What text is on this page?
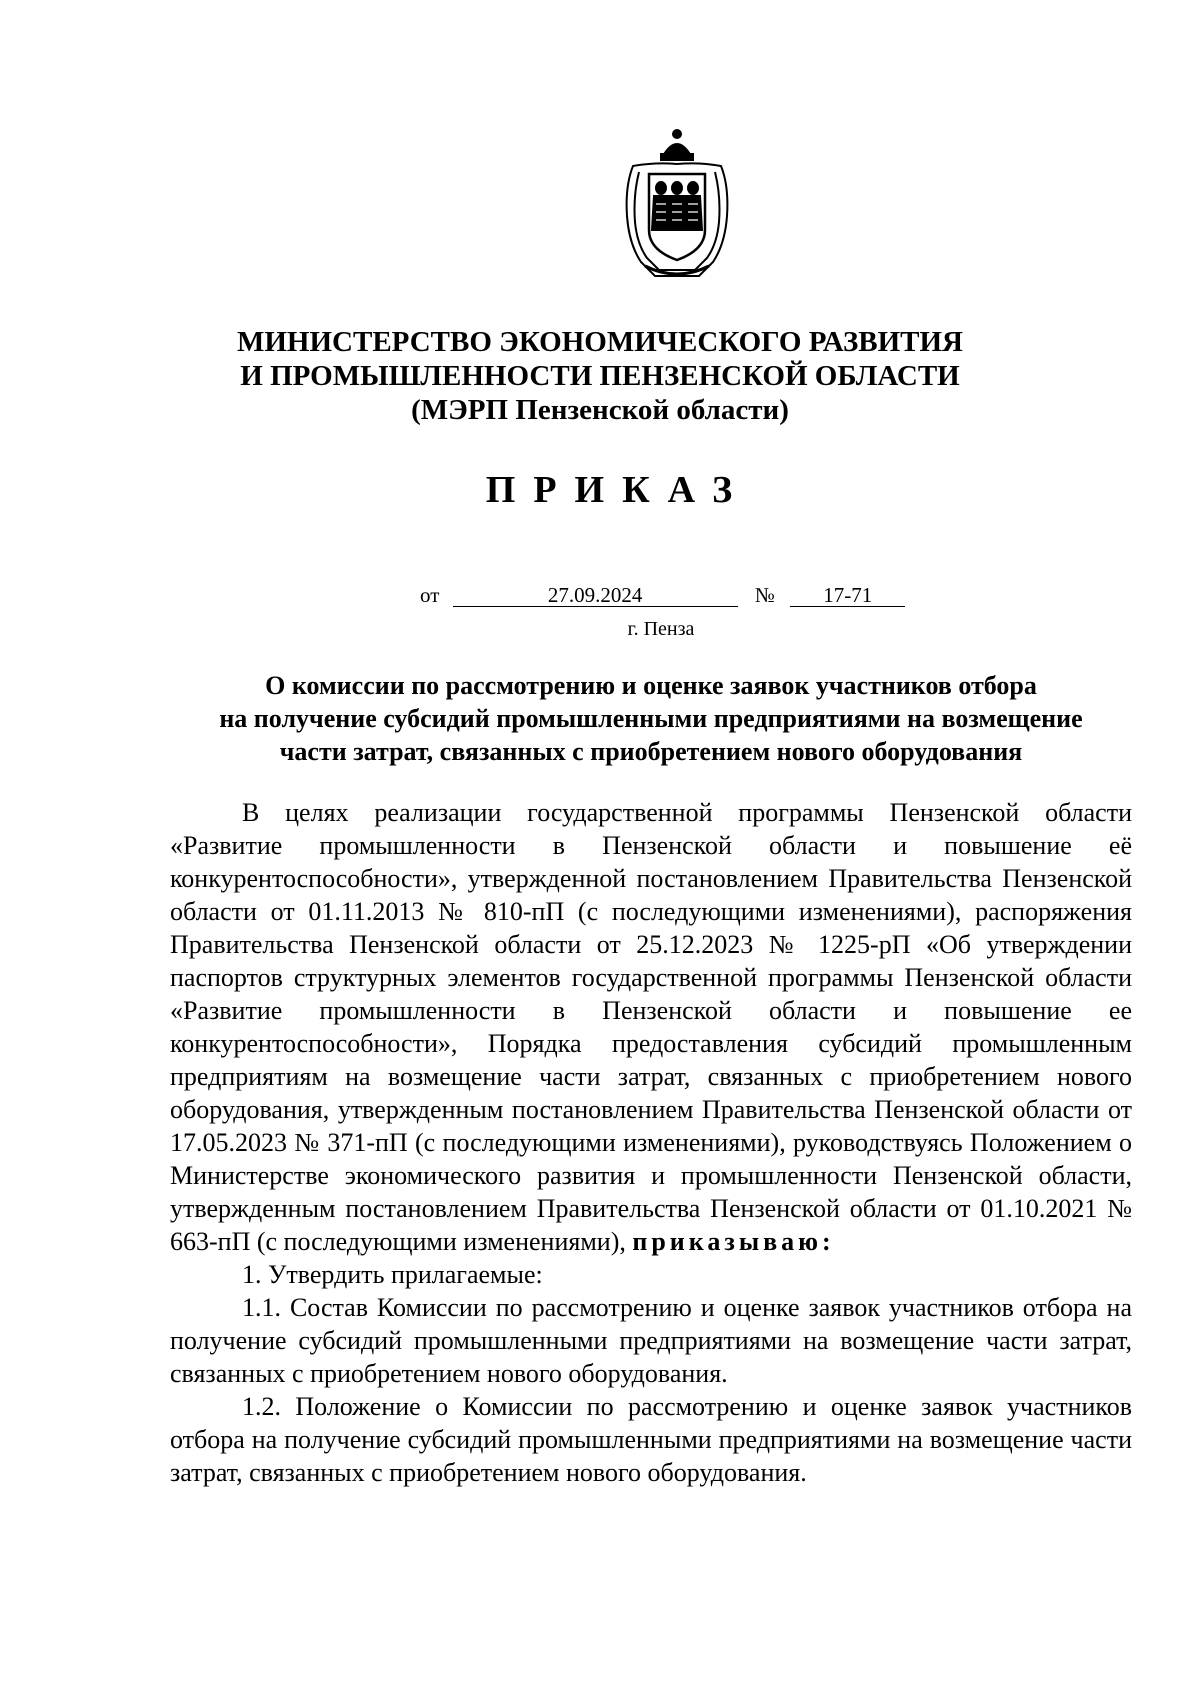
МИНИСТЕРСТВО ЭКОНОМИЧЕСКОГО РАЗВИТИЯ
И ПРОМЫШЛЕННОСТИ ПЕНЗЕНСКОЙ ОБЛАСТИ
(МЭРП Пензенской области)
ПРИКАЗ
от	27.09.2024	№ 17-71
г. Пенза
О комиссии по рассмотрению и оценке заявок участников отбора
на получение субсидий промышленными предприятиями на возмещение
части затрат, связанных с приобретением нового оборудования

В целях реализации государственной программы Пензенской области «Развитие промышленности в Пензенской области и повышение её конкурентоспособности», утвержденной постановлением Правительства Пензенской области от 01.11.2013 № 810-пП (с последующими изменениями), распоряжения Правительства Пензенской области от 25.12.2023 № 1225-рП «Об утверждении паспортов структурных элементов государственной программы Пензенской области «Развитие промышленности в Пензенской области и повышение ее конкурентоспособности», Порядка предоставления субсидий промышленным предприятиям на возмещение части затрат, связанных с приобретением нового оборудования, утвержденным постановлением Правительства Пензенской области от 17.05.2023 № 371-пП (с последующими изменениями), руководствуясь Положением о Министерстве экономического развития и промышленности Пензенской области, утвержденным постановлением Правительства Пензенской области от 01.10.2021 № 663-пП (с последующими изменениями), приказываю:

1. Утвердить прилагаемые:

1.1. Состав Комиссии по рассмотрению и оценке заявок участников отбора на получение субсидий промышленными предприятиями на возмещение части затрат, связанных с приобретением нового оборудования.

1.2. Положение о Комиссии по рассмотрению и оценке заявок участников отбора на получение субсидий промышленными предприятиями на возмещение части затрат, связанных с приобретением нового оборудования.
